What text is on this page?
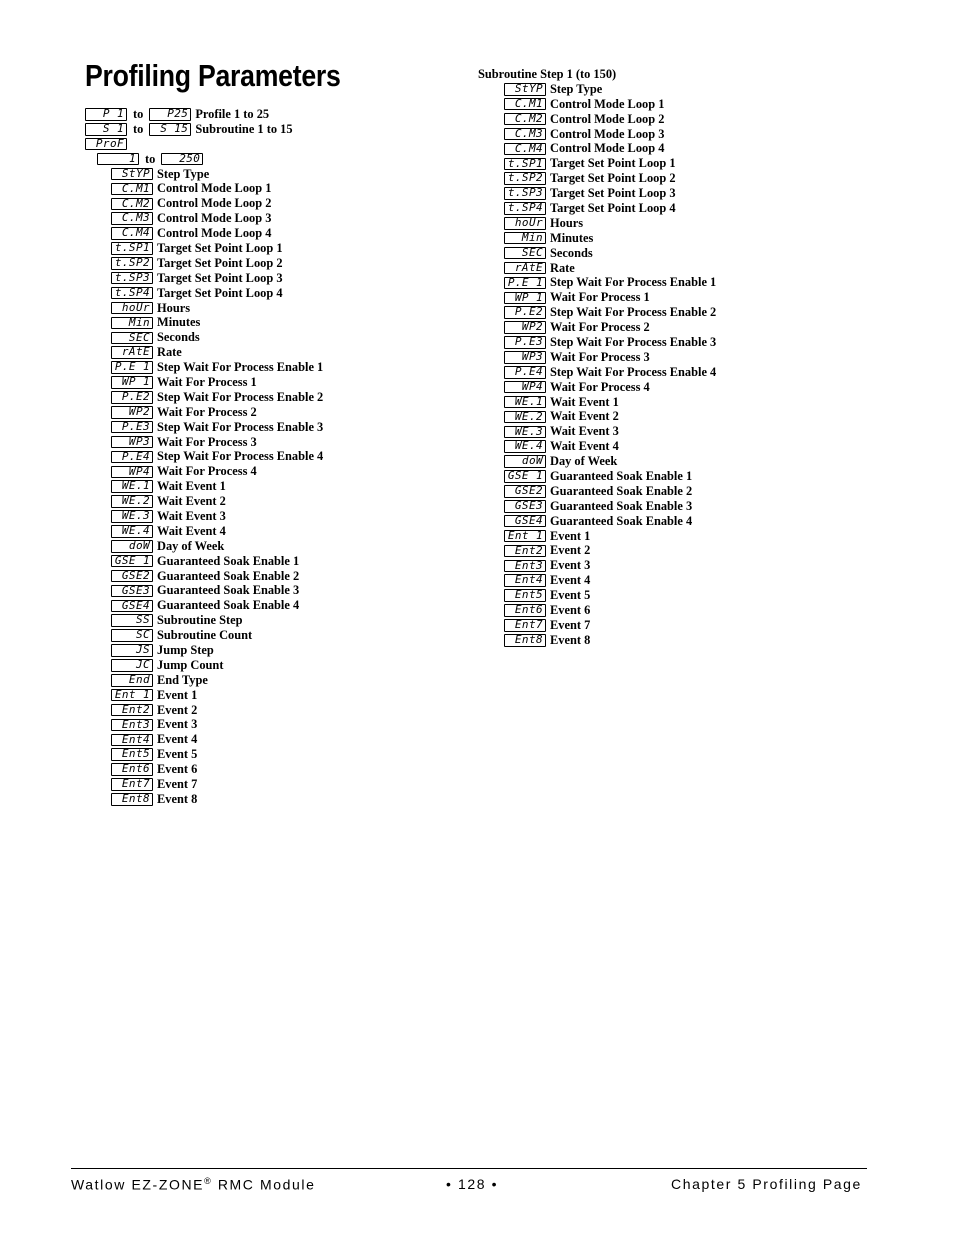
Profiling Parameters
P 1 to	P25 Profile 1 to 25
S 1 to	S 15 Subroutine 1 to 15
ProF
1 to	250
StYP Step Type
C.M1 Control Mode Loop 1
C.M2 Control Mode Loop 2
C.M3 Control Mode Loop 3
C.M4 Control Mode Loop 4
t.SP1 Target Set Point Loop 1
t.SP2 Target Set Point Loop 2
t.SP3 Target Set Point Loop 3
t.SP4 Target Set Point Loop 4
hoUr Hours
Min Minutes
SEC Seconds
rAtE Rate
P.E 1 Step Wait For Process Enable 1
WP 1 Wait For Process 1
P.E2 Step Wait For Process Enable 2
WP2 Wait For Process 2
P.E3 Step Wait For Process Enable 3
WP3 Wait For Process 3
P.E4 Step Wait For Process Enable 4
WP4 Wait For Process 4
WE.1 Wait Event 1
WE.2 Wait Event 2
WE.3 Wait Event 3
WE.4 Wait Event 4
doW Day of Week
GSE 1 Guaranteed Soak Enable 1
GSE2 Guaranteed Soak Enable 2
GSE3 Guaranteed Soak Enable 3
GSE4 Guaranteed Soak Enable 4
SS Subroutine Step
SC Subroutine Count
JS Jump Step
JC Jump Count
End End Type
Ent 1 Event 1
Ent2 Event 2
Ent3 Event 3
Ent4 Event 4
Ent5 Event 5
Ent6 Event 6
Ent7 Event 7
Ent8 Event 8
Subroutine Step 1 (to 150)
StYP Step Type
C.M1 Control Mode Loop 1
C.M2 Control Mode Loop 2
C.M3 Control Mode Loop 3
C.M4 Control Mode Loop 4
t.SP1 Target Set Point Loop 1
t.SP2 Target Set Point Loop 2
t.SP3 Target Set Point Loop 3
t.SP4 Target Set Point Loop 4
hoUr Hours
Min Minutes
SEC Seconds
rAtE Rate
P.E 1 Step Wait For Process Enable 1
WP 1 Wait For Process 1
P.E2 Step Wait For Process Enable 2
WP2 Wait For Process 2
P.E3 Step Wait For Process Enable 3
WP3 Wait For Process 3
P.E4 Step Wait For Process Enable 4
WP4 Wait For Process 4
WE.1 Wait Event 1
WE.2 Wait Event 2
WE.3 Wait Event 3
WE.4 Wait Event 4
doW Day of Week
GSE 1 Guaranteed Soak Enable 1
GSE2 Guaranteed Soak Enable 2
GSE3 Guaranteed Soak Enable 3
GSE4 Guaranteed Soak Enable 4
Ent 1 Event 1
Ent2 Event 2
Ent3 Event 3
Ent4 Event 4
Ent5 Event 5
Ent6 Event 6
Ent7 Event 7
Ent8 Event 8
Watlow EZ-ZONE® RMC Module	• 128 •	Chapter 5 Profiling Page
